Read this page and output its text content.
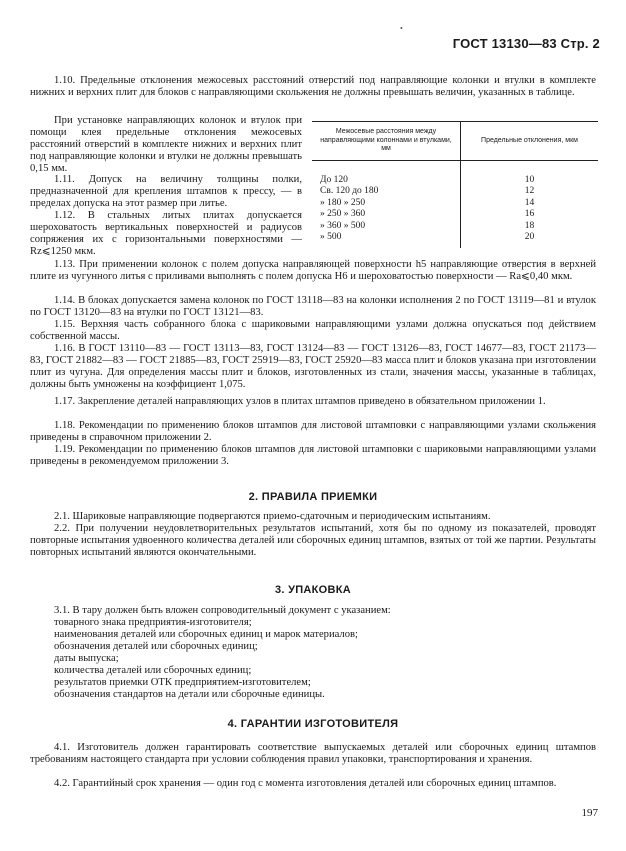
•
ГОСТ 13130—83 Стр. 2

1.10. Предельные отклонения межосевых расстояний отверстий под направляющие колонки и втулки в комплекте нижних и верхних плит для блоков с направляющими скольжения не должны превышать величин, указанных в таблице.

При установке направляющих колонок и втулок при помощи клея предельные отклонения межосевых расстояний отверстий в комплекте нижних и верхних плит под направляющие колонки и втулки не должны превышать 0,15 мм.

1.11. Допуск на величину толщины полки, предназначенной для крепления штампов к прессу, — в пределах допуска на этот размер при литье.

1.12. В стальных литых плитах допускается шероховатость вертикальных поверхностей и радиусов сопряжения их с горизонтальными поверхностями — Rz⩽1250 мкм.

Межосевые расстояния между направляющими колоннами и втулками, мм	Предельные отклонения, мкм
До 120	10
Св. 120 до 180	12
» 180 » 250	14
» 250 » 360	16
» 360 » 500	18
» 500	20

1.13. При применении колонок с полем допуска направляющей поверхности h5 направляющие отверстия в верхней плите из чугунного литья с приливами выполнять с полем допуска H6 и шероховатостью поверхности — Ra⩽0,40 мкм.

1.14. В блоках допускается замена колонок по ГОСТ 13118—83 на колонки исполнения 2 по ГОСТ 13119—81 и втулок по ГОСТ 13120—83 на втулки по ГОСТ 13121—83.

1.15. Верхняя часть собранного блока с шариковыми направляющими узлами должна опускаться под действием собственной массы.

1.16. В ГОСТ 13110—83 — ГОСТ 13113—83, ГОСТ 13124—83 — ГОСТ 13126—83, ГОСТ 14677—83, ГОСТ 21173—83, ГОСТ 21882—83 — ГОСТ 21885—83, ГОСТ 25919—83, ГОСТ 25920—83 масса плит и блоков указана при изготовлении плит из чугуна. Для определения массы плит и блоков, изготовленных из стали, значения массы, указанные в таблицах, должны быть умножены на коэффициент 1,075.

1.17. Закрепление деталей направляющих узлов в плитах штампов приведено в обязательном приложении 1.

1.18. Рекомендации по применению блоков штампов для листовой штамповки с направляющими узлами скольжения приведены в справочном приложении 2.

1.19. Рекомендации по применению блоков штампов для листовой штамповки с шариковыми направляющими узлами приведены в рекомендуемом приложении 3.

2. ПРАВИЛА ПРИЕМКИ

2.1. Шариковые направляющие подвергаются приемо-сдаточным и периодическим испытаниям.

2.2. При получении неудовлетворительных результатов испытаний, хотя бы по одному из показателей, проводят повторные испытания удвоенного количества деталей или сборочных единиц штампов, взятых от той же партии. Результаты повторных испытаний являются окончательными.

3. УПАКОВКА

3.1. В тару должен быть вложен сопроводительный документ с указанием:

товарного знака предприятия-изготовителя;
наименования деталей или сборочных единиц и марок материалов;
обозначения деталей или сборочных единиц;
даты выпуска;
количества деталей или сборочных единиц;
результатов приемки ОТК предприятием-изготовителем;
обозначения стандартов на детали или сборочные единицы.
4. ГАРАНТИИ ИЗГОТОВИТЕЛЯ

4.1. Изготовитель должен гарантировать соответствие выпускаемых деталей или сборочных единиц штампов требованиям настоящего стандарта при условии соблюдения правил упаковки, транспортирования и хранения.

4.2. Гарантийный срок хранения — один год с момента изготовления деталей или сборочных единиц штампов.

197
